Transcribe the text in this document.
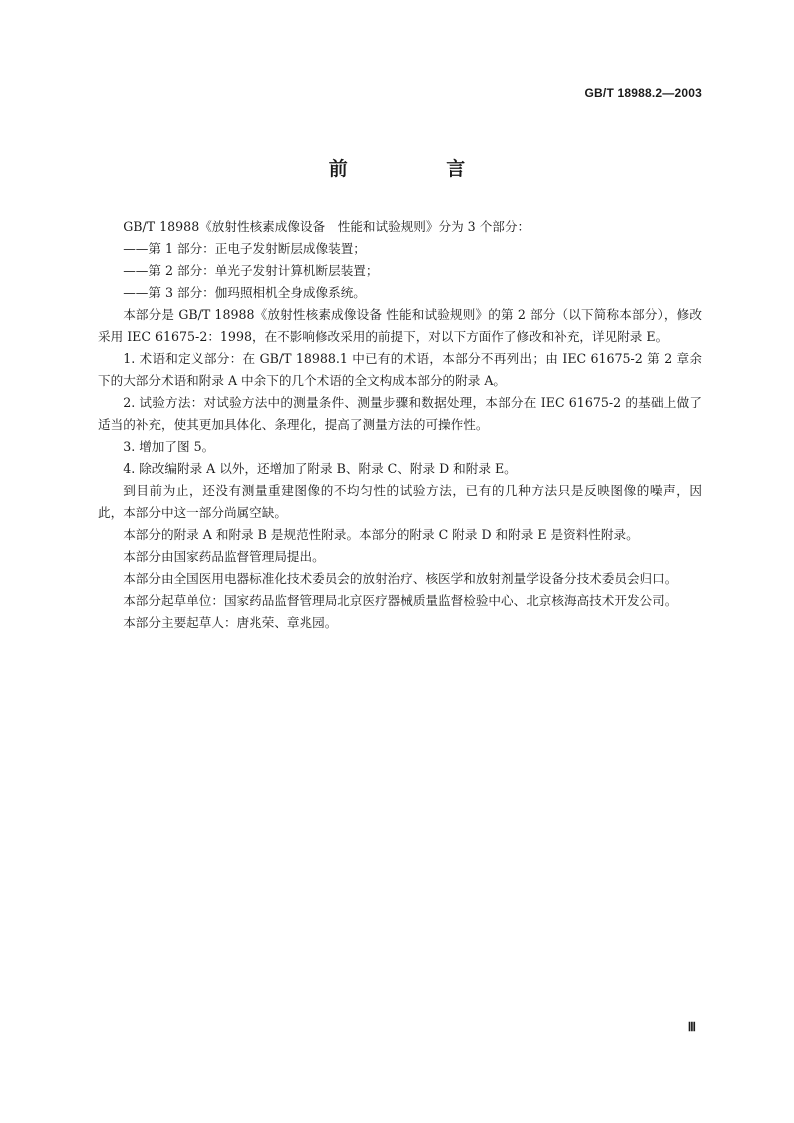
GB/T 18988.2—2003
前 言

GB/T 18988《放射性核素成像设备　性能和试验规则》分为 3 个部分：

——第 1 部分：正电子发射断层成像装置；

——第 2 部分：单光子发射计算机断层装置；

——第 3 部分：伽玛照相机全身成像系统。

本部分是 GB/T 18988《放射性核素成像设备 性能和试验规则》的第 2 部分（以下简称本部分），修改采用 IEC 61675-2：1998，在不影响修改采用的前提下，对以下方面作了修改和补充，详见附录 E。

1. 术语和定义部分：在 GB/T 18988.1 中已有的术语，本部分不再列出；由 IEC 61675-2 第 2 章余下的大部分术语和附录 A 中余下的几个术语的全文构成本部分的附录 A。

2. 试验方法：对试验方法中的测量条件、测量步骤和数据处理，本部分在 IEC 61675-2 的基础上做了适当的补充，使其更加具体化、条理化，提高了测量方法的可操作性。

3. 增加了图 5。

4. 除改编附录 A 以外，还增加了附录 B、附录 C、附录 D 和附录 E。

到目前为止，还没有测量重建图像的不均匀性的试验方法，已有的几种方法只是反映图像的噪声，因此，本部分中这一部分尚属空缺。

本部分的附录 A 和附录 B 是规范性附录。本部分的附录 C 附录 D 和附录 E 是资料性附录。

本部分由国家药品监督管理局提出。

本部分由全国医用电器标准化技术委员会的放射治疗、核医学和放射剂量学设备分技术委员会归口。

本部分起草单位：国家药品监督管理局北京医疗器械质量监督检验中心、北京核海高技术开发公司。

本部分主要起草人：唐兆荣、章兆园。

Ⅲ
